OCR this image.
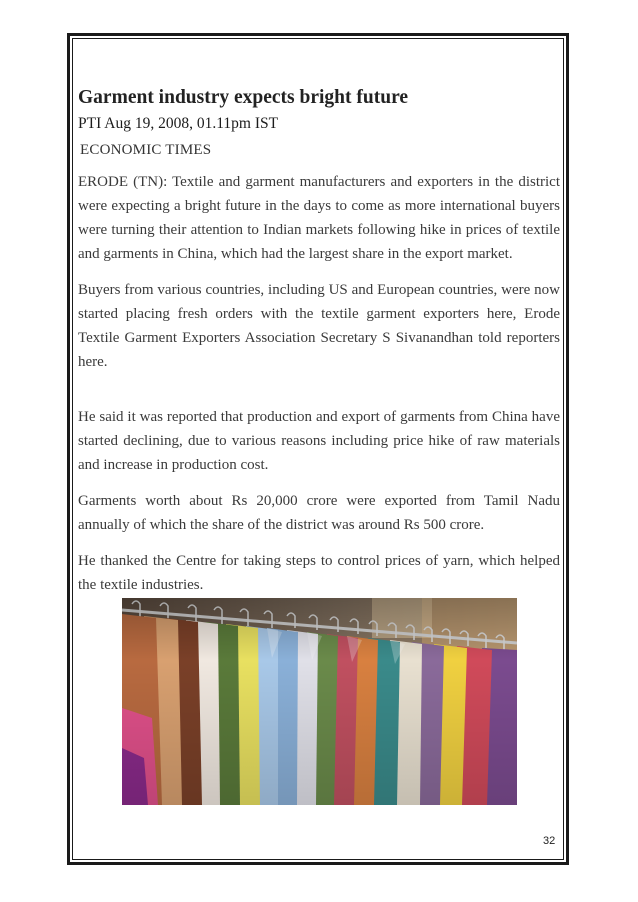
Garment industry expects bright future

PTI Aug 19, 2008, 01.11pm IST

ECONOMIC TIMES

ERODE (TN): Textile and garment manufacturers and exporters in the district were expecting a bright future in the days to come as more international buyers were turning their attention to Indian markets following hike in prices of textile and garments in China, which had the largest share in the export market.

Buyers from various countries, including US and European countries, were now started placing fresh orders with the textile garment exporters here, Erode Textile Garment Exporters Association Secretary S Sivanandhan told reporters here.

He said it was reported that production and export of garments from China have started declining, due to various reasons including price hike of raw materials and increase in production cost.

Garments worth about Rs 20,000 crore were exported from Tamil Nadu annually of which the share of the district was around Rs 500 crore.

He thanked the Centre for taking steps to control prices of yarn, which helped the textile industries.

32
